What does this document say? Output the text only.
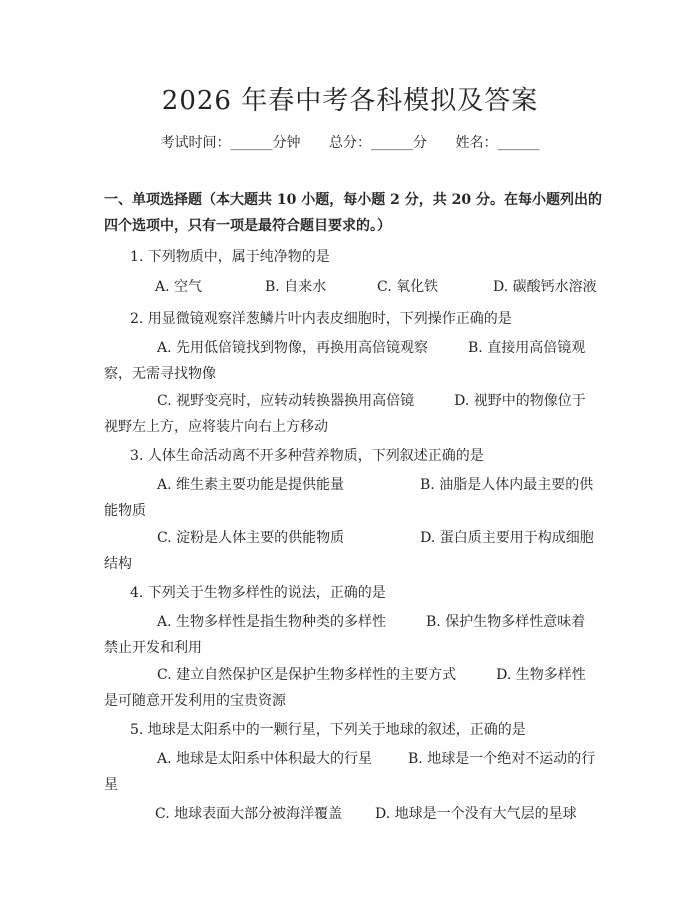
2026 年春中考各科模拟及答案
考试时间：______分钟 总分：______分 姓名：______
一、单项选择题（本大题共 10 小题，每小题 2 分，共 20 分。在每小题列出的四个选项中，只有一项是最符合题目要求的。）
1. 下列物质中，属于纯净物的是
A. 空气	B. 自来水	C. 氧化铁	D. 碳酸钙水溶液
2. 用显微镜观察洋葱鳞片叶内表皮细胞时，下列操作正确的是
A. 先用低倍镜找到物像，再换用高倍镜观察	B. 直接用高倍镜观察，无需寻找物像
C. 视野变亮时，应转动转换器换用高倍镜	D. 视野中的物像位于视野左上方，应将装片向右上方移动
3. 人体生命活动离不开多种营养物质，下列叙述正确的是
A. 维生素主要功能是提供能量	B. 油脂是人体内最主要的供能物质
C. 淀粉是人体主要的供能物质	D. 蛋白质主要用于构成细胞结构
4. 下列关于生物多样性的说法，正确的是
A. 生物多样性是指生物种类的多样性	B. 保护生物多样性意味着禁止开发和利用
C. 建立自然保护区是保护生物多样性的主要方式	D. 生物多样性是可随意开发利用的宝贵资源
5. 地球是太阳系中的一颗行星，下列关于地球的叙述，正确的是
A. 地球是太阳系中体积最大的行星	B. 地球是一个绝对不运动的行星
C. 地球表面大部分被海洋覆盖 D. 地球是一个没有大气层的星球
